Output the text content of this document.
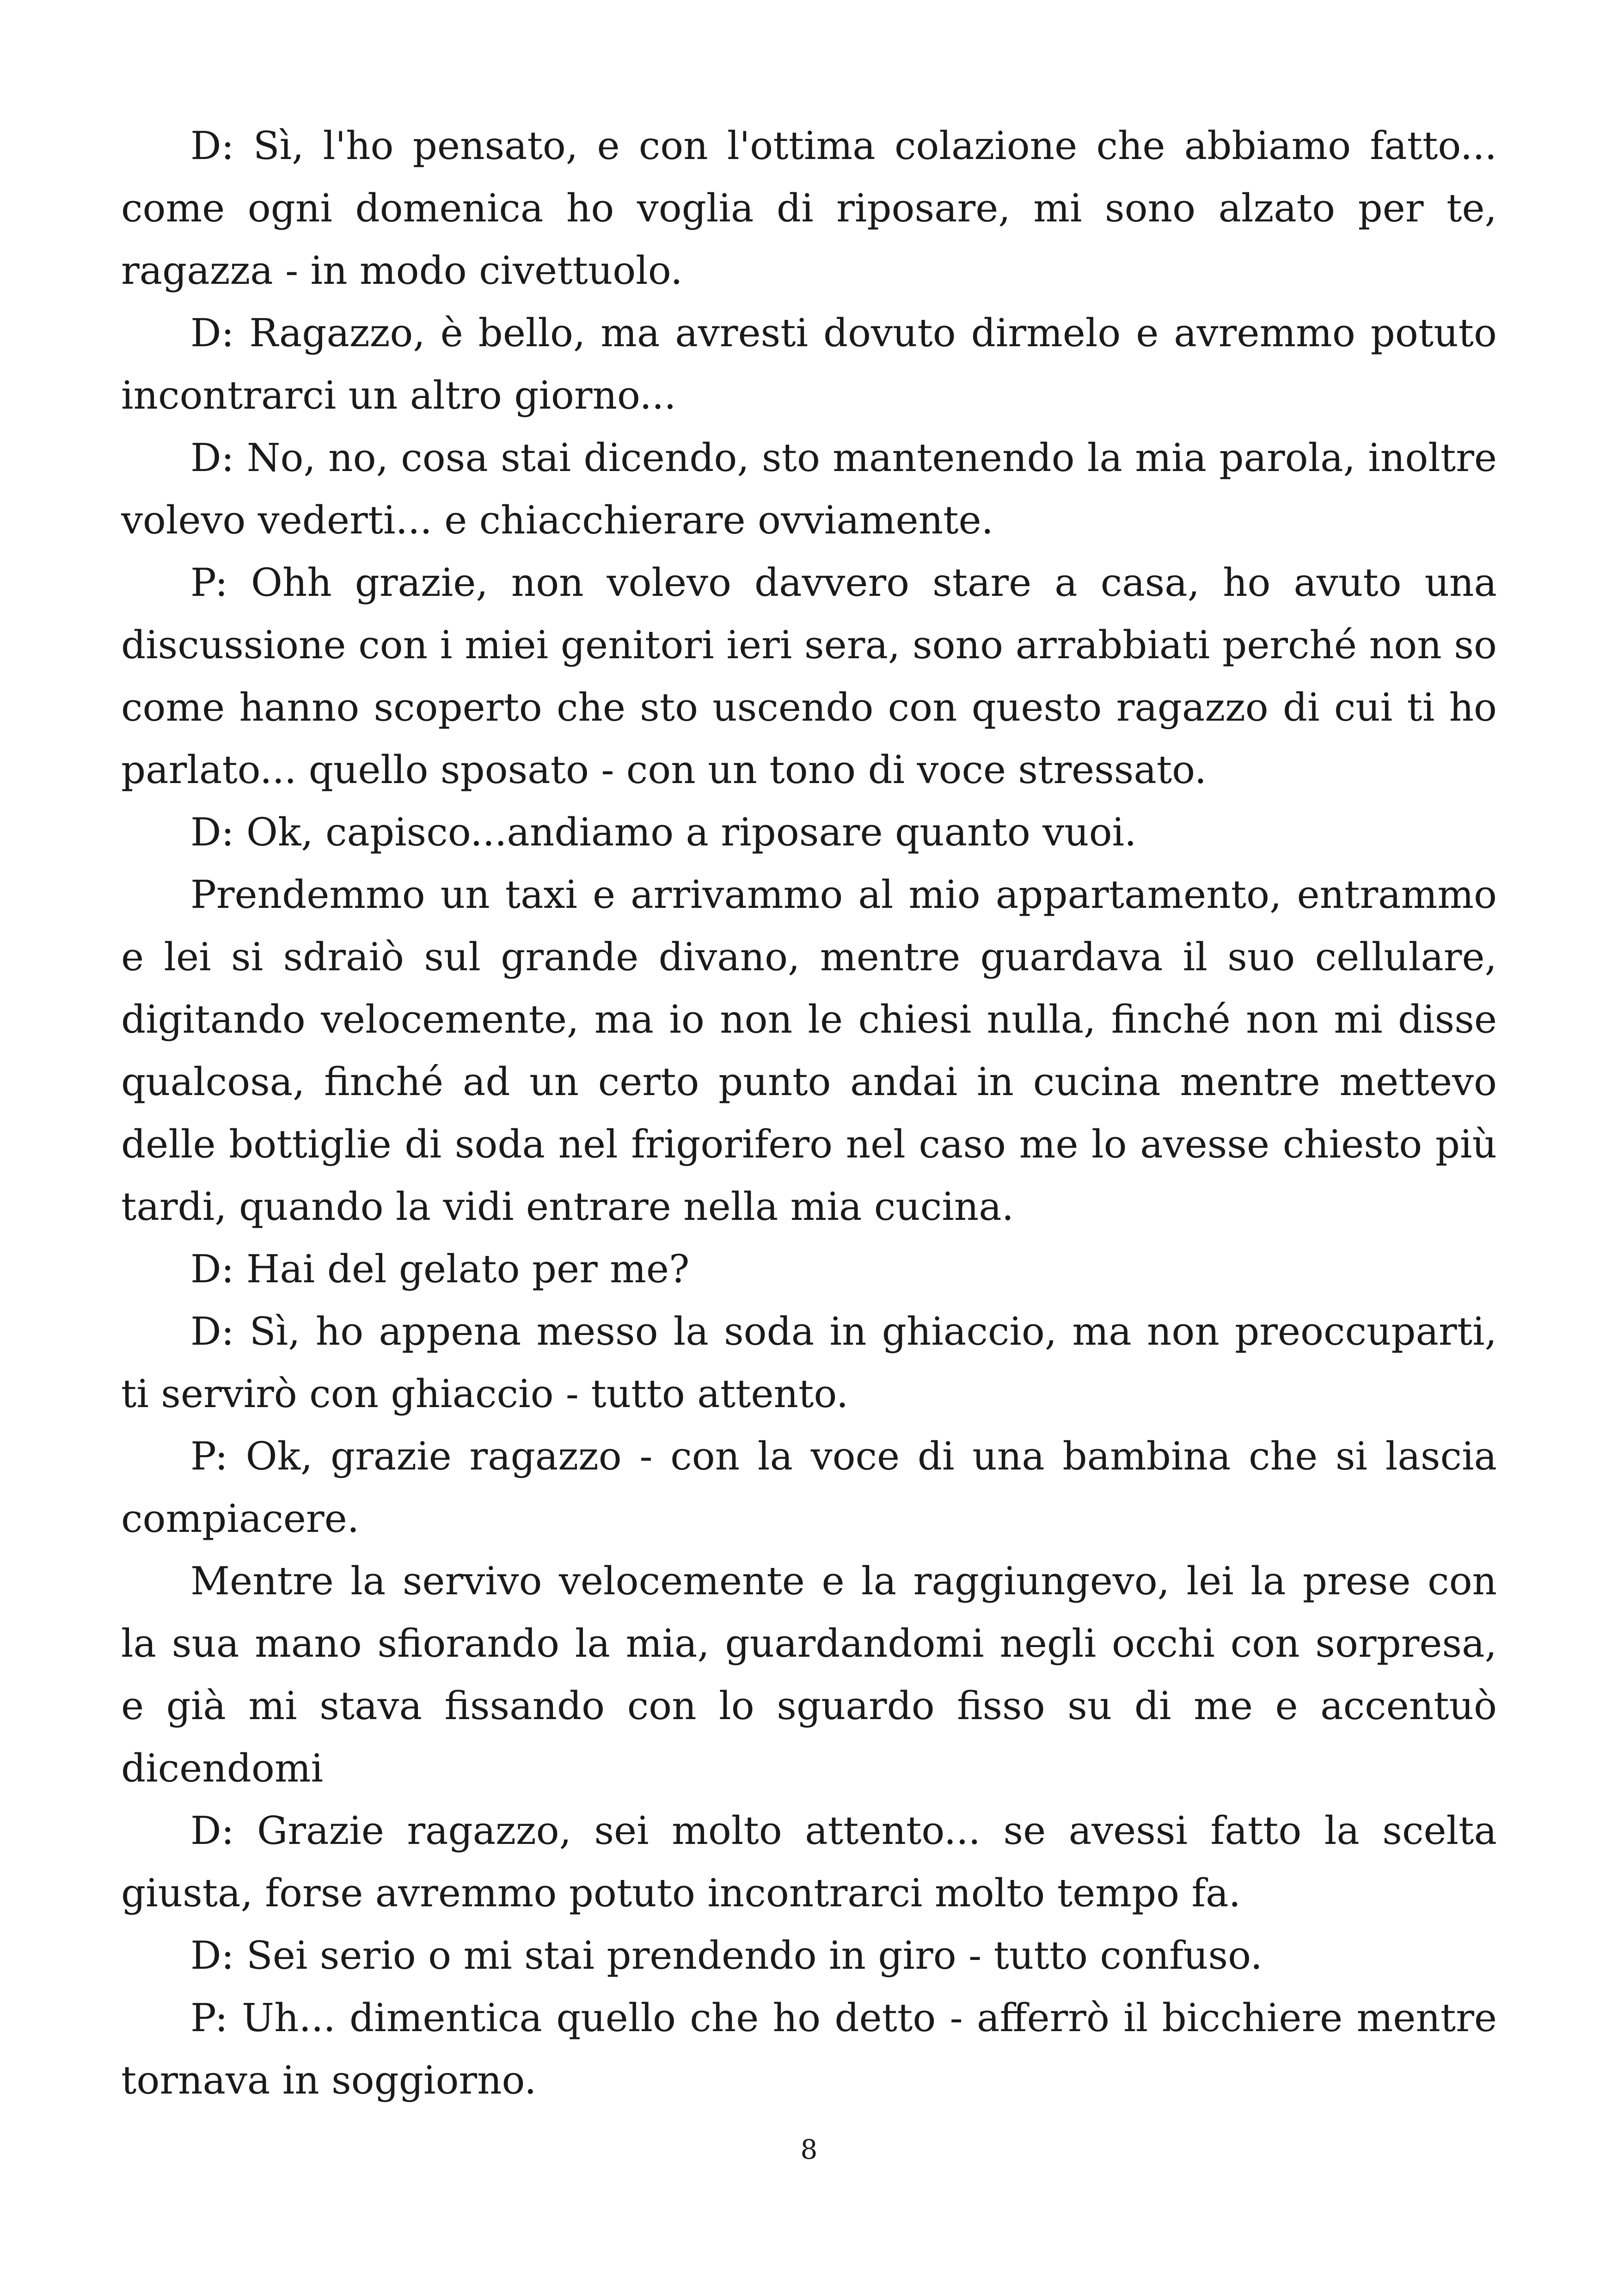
D: Sì, l'ho pensato, e con l'ottima colazione che abbiamo fatto... come ogni domenica ho voglia di riposare, mi sono alzato per te, ragazza - in modo civettuolo.

D: Ragazzo, è bello, ma avresti dovuto dirmelo e avremmo potuto incontrarci un altro giorno...

D: No, no, cosa stai dicendo, sto mantenendo la mia parola, inoltre volevo vederti... e chiacchierare ovviamente.

P: Ohh grazie, non volevo davvero stare a casa, ho avuto una discussione con i miei genitori ieri sera, sono arrabbiati perché non so come hanno scoperto che sto uscendo con questo ragazzo di cui ti ho parlato... quello sposato - con un tono di voce stressato.

D: Ok, capisco...andiamo a riposare quanto vuoi.

Prendemmo un taxi e arrivammo al mio appartamento, entrammo e lei si sdraiò sul grande divano, mentre guardava il suo cellulare, digitando velocemente, ma io non le chiesi nulla, finché non mi disse qualcosa, finché ad un certo punto andai in cucina mentre mettevo delle bottiglie di soda nel frigorifero nel caso me lo avesse chiesto più tardi, quando la vidi entrare nella mia cucina.

D: Hai del gelato per me?

D: Sì, ho appena messo la soda in ghiaccio, ma non preoccuparti, ti servirò con ghiaccio - tutto attento.

P: Ok, grazie ragazzo - con la voce di una bambina che si lascia compiacere.

Mentre la servivo velocemente e la raggiungevo, lei la prese con la sua mano sfiorando la mia, guardandomi negli occhi con sorpresa, e già mi stava fissando con lo sguardo fisso su di me e accentuò dicendomi

D: Grazie ragazzo, sei molto attento... se avessi fatto la scelta giusta, forse avremmo potuto incontrarci molto tempo fa.

D: Sei serio o mi stai prendendo in giro - tutto confuso.

P: Uh... dimentica quello che ho detto - afferrò il bicchiere mentre tornava in soggiorno.

8
